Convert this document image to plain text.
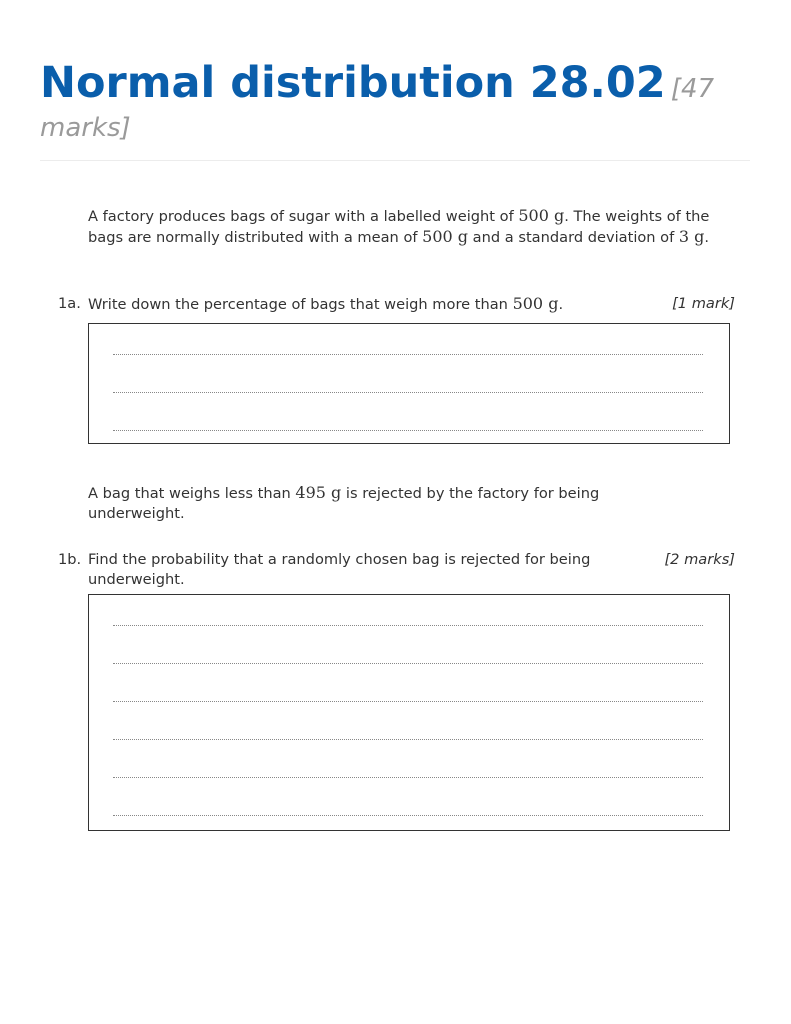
Normal distribution 28.02 [47 marks]
A factory produces bags of sugar with a labelled weight of 500 g. The weights of the bags are normally distributed with a mean of 500 g and a standard deviation of 3 g.
1a. Write down the percentage of bags that weigh more than 500 g.	[1 mark]
A bag that weighs less than 495 g is rejected by the factory for being underweight.
1b. Find the probability that a randomly chosen bag is rejected for being underweight.
[2 marks]
